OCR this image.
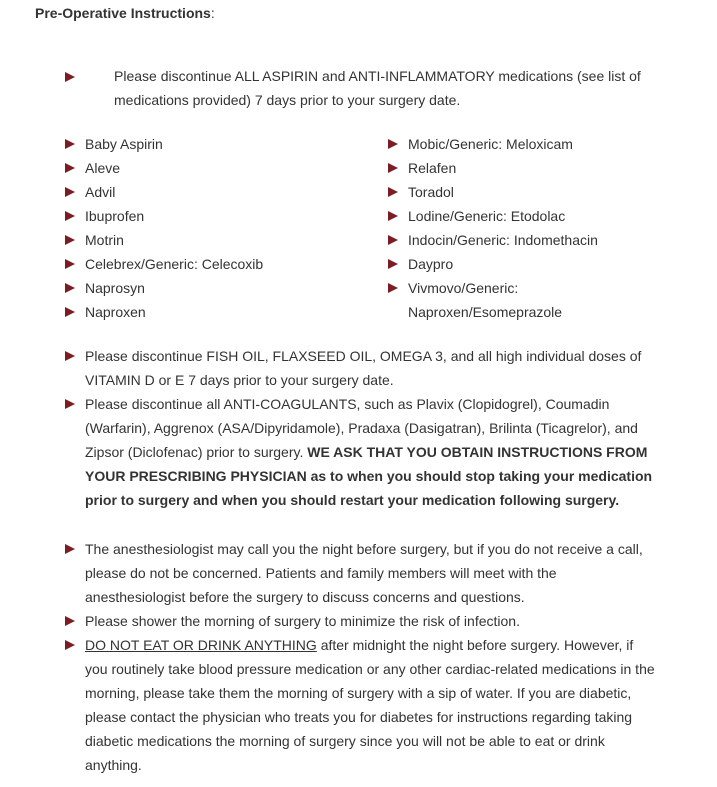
Pre-Operative Instructions:
Please discontinue ALL ASPIRIN and ANTI-INFLAMMATORY medications (see list of medications provided) 7 days prior to your surgery date.
Baby Aspirin
Aleve
Advil
Ibuprofen
Motrin
Celebrex/Generic: Celecoxib
Naprosyn
Naproxen
Mobic/Generic: Meloxicam
Relafen
Toradol
Lodine/Generic: Etodolac
Indocin/Generic: Indomethacin
Daypro
Vivmovo/Generic:
Naproxen/Esomeprazole
Please discontinue FISH OIL, FLAXSEED OIL, OMEGA 3, and all high individual doses of VITAMIN D or E 7 days prior to your surgery date.
Please discontinue all ANTI-COAGULANTS, such as Plavix (Clopidogrel), Coumadin (Warfarin), Aggrenox (ASA/Dipyridamole), Pradaxa (Dasigatran), Brilinta (Ticagrelor), and Zipsor (Diclofenac) prior to surgery. WE ASK THAT YOU OBTAIN INSTRUCTIONS FROM YOUR PRESCRIBING PHYSICIAN as to when you should stop taking your medication prior to surgery and when you should restart your medication following surgery.
The anesthesiologist may call you the night before surgery, but if you do not receive a call, please do not be concerned. Patients and family members will meet with the anesthesiologist before the surgery to discuss concerns and questions.
Please shower the morning of surgery to minimize the risk of infection.
DO NOT EAT OR DRINK ANYTHING after midnight the night before surgery. However, if you routinely take blood pressure medication or any other cardiac-related medications in the morning, please take them the morning of surgery with a sip of water. If you are diabetic, please contact the physician who treats you for diabetes for instructions regarding taking diabetic medications the morning of surgery since you will not be able to eat or drink anything.
